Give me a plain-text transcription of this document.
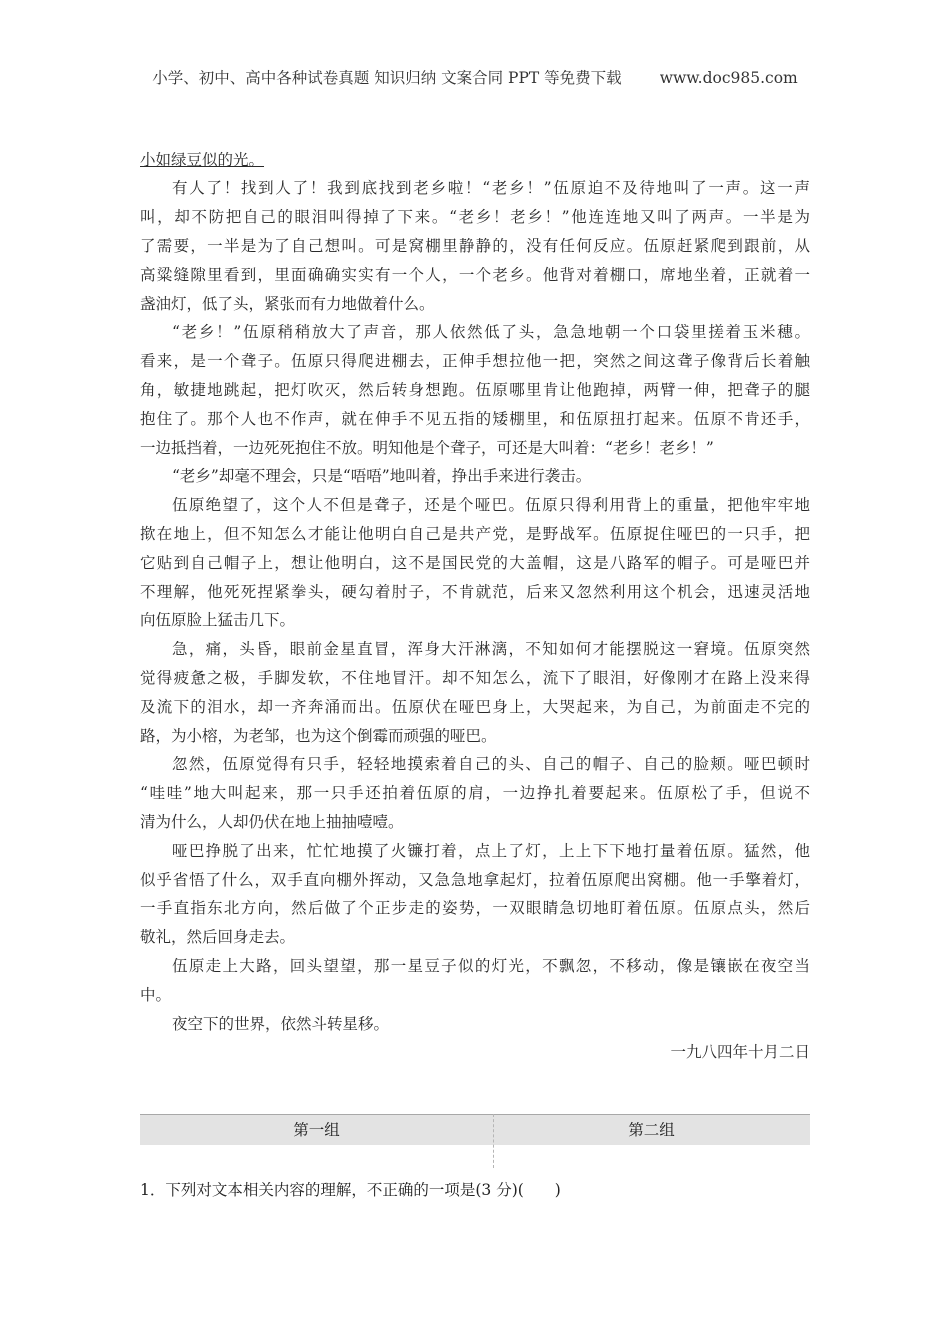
小学、初中、高中各种试卷真题 知识归纳 文案合同 PPT 等免费下载 www.doc985.com
小如绿豆似的光。
有人了！找到人了！我到底找到老乡啦！“老乡！”伍原迫不及待地叫了一声。这一声
叫，却不防把自己的眼泪叫得掉了下来。“老乡！老乡！”他连连地又叫了两声。一半是为
了需要，一半是为了自己想叫。可是窝棚里静静的，没有任何反应。伍原赶紧爬到跟前，从
高粱缝隙里看到，里面确确实实有一个人，一个老乡。他背对着棚口，席地坐着，正就着一
盏油灯，低了头，紧张而有力地做着什么。
“老乡！”伍原稍稍放大了声音，那人依然低了头，急急地朝一个口袋里搓着玉米穗。
看来，是一个聋子。伍原只得爬进棚去，正伸手想拉他一把，突然之间这聋子像背后长着触
角，敏捷地跳起，把灯吹灭，然后转身想跑。伍原哪里肯让他跑掉，两臂一伸，把聋子的腿
抱住了。那个人也不作声，就在伸手不见五指的矮棚里，和伍原扭打起来。伍原不肯还手，
一边抵挡着，一边死死抱住不放。明知他是个聋子，可还是大叫着：“老乡！老乡！”
“老乡”却毫不理会，只是“唔唔”地叫着，挣出手来进行袭击。
伍原绝望了，这个人不但是聋子，还是个哑巴。伍原只得利用背上的重量，把他牢牢地
揿在地上，但不知怎么才能让他明白自己是共产党，是野战军。伍原捉住哑巴的一只手，把
它贴到自己帽子上，想让他明白，这不是国民党的大盖帽，这是八路军的帽子。可是哑巴并
不理解，他死死捏紧拳头，硬勾着肘子，不肯就范，后来又忽然利用这个机会，迅速灵活地
向伍原脸上猛击几下。
急，痛，头昏，眼前金星直冒，浑身大汗淋漓，不知如何才能摆脱这一窘境。伍原突然
觉得疲惫之极，手脚发软，不住地冒汗。却不知怎么，流下了眼泪，好像刚才在路上没来得
及流下的泪水，却一齐奔涌而出。伍原伏在哑巴身上，大哭起来，为自己，为前面走不完的
路，为小榕，为老邹，也为这个倒霉而顽强的哑巴。
忽然，伍原觉得有只手，轻轻地摸索着自己的头、自己的帽子、自己的脸颊。哑巴顿时
“哇哇”地大叫起来，那一只手还拍着伍原的肩，一边挣扎着要起来。伍原松了手，但说不
清为什么，人却仍伏在地上抽抽噎噎。
哑巴挣脱了出来，忙忙地摸了火镰打着，点上了灯，上上下下地打量着伍原。猛然，他
似乎省悟了什么，双手直向棚外挥动，又急急地拿起灯，拉着伍原爬出窝棚。他一手擎着灯，
一手直指东北方向，然后做了个正步走的姿势，一双眼睛急切地盯着伍原。伍原点头，然后
敬礼，然后回身走去。
伍原走上大路，回头望望，那一星豆子似的灯光，不飘忽，不移动，像是镶嵌在夜空当
中。
夜空下的世界，依然斗转星移。
一九八四年十月二日
第一组	第二组
1．下列对文本相关内容的理解，不正确的一项是(3 分)(　　)
